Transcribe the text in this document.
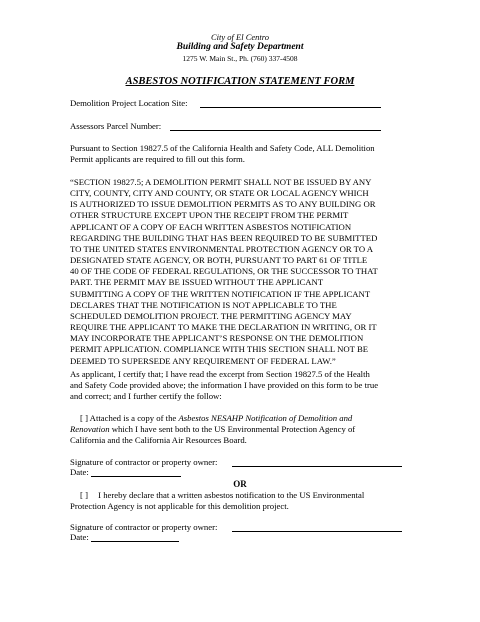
City of El Centro
Building and Safety Department
1275 W. Main St., Ph. (760) 337-4508
ASBESTOS NOTIFICATION STATEMENT FORM
Demolition Project Location Site:
Assessors Parcel Number:
Pursuant to Section 19827.5 of the California Health and Safety Code, ALL Demolition
Permit applicants are required to fill out this form.
“SECTION 19827.5; A DEMOLITION PERMIT SHALL NOT BE ISSUED BY ANY
CITY, COUNTY, CITY AND COUNTY, OR STATE OR LOCAL AGENCY WHICH
IS AUTHORIZED TO ISSUE DEMOLITION PERMITS AS TO ANY BUILDING OR
OTHER STRUCTURE EXCEPT UPON THE RECEIPT FROM THE PERMIT
APPLICANT OF A COPY OF EACH WRITTEN ASBESTOS NOTIFICATION
REGARDING THE BUILDING THAT HAS BEEN REQUIRED TO BE SUBMITTED
TO THE UNITED STATES ENVIRONMENTAL PROTECTION AGENCY OR TO A
DESIGNATED STATE AGENCY, OR BOTH, PURSUANT TO PART 61 OF TITLE
40 OF THE CODE OF FEDERAL REGULATIONS, OR THE SUCCESSOR TO THAT
PART. THE PERMIT MAY BE ISSUED WITHOUT THE APPLICANT
SUBMITTING A COPY OF THE WRITTEN NOTIFICATION IF THE APPLICANT
DECLARES THAT THE NOTIFICATION IS NOT APPLICABLE TO THE
SCHEDULED DEMOLITION PROJECT. THE PERMITTING AGENCY MAY
REQUIRE THE APPLICANT TO MAKE THE DECLARATION IN WRITING, OR IT
MAY INCORPORATE THE APPLICANT’S RESPONSE ON THE DEMOLITION
PERMIT APPLICATION. COMPLIANCE WITH THIS SECTION SHALL NOT BE
DEEMED TO SUPERSEDE ANY REQUIREMENT OF FEDERAL LAW.”
As applicant, I certify that; I have read the excerpt from Section 19827.5 of the Health
and Safety Code provided above; the information I have provided on this form to be true
and correct; and I further certify the follow:
[ ] Attached is a copy of the Asbestos NESAHP Notification of Demolition and
Renovation which I have sent both to the US Environmental Protection Agency of
California and the California Air Resources Board.
Signature of contractor or property owner:
Date:
OR
[ ] I hereby declare that a written asbestos notification to the US Environmental
Protection Agency is not applicable for this demolition project.
Signature of contractor or property owner:
Date:
